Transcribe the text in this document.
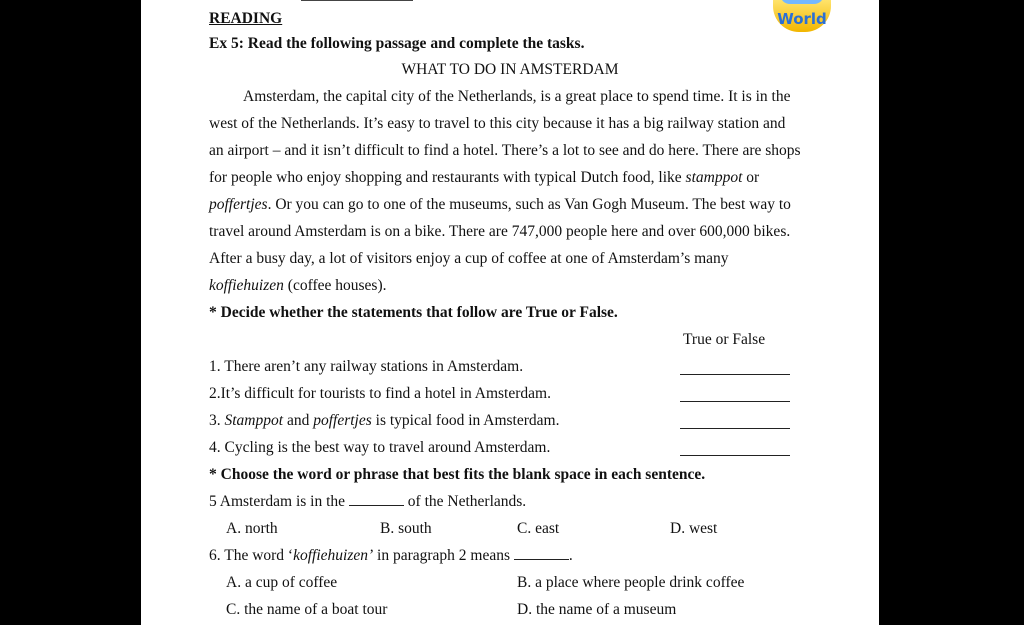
World
READING
Ex 5: Read the following passage and complete the tasks.
WHAT TO DO IN AMSTERDAM
Amsterdam, the capital city of the Netherlands, is a great place to spend time. It is in the
west of the Netherlands. It’s easy to travel to this city because it has a big railway station and
an airport – and it isn’t difficult to find a hotel. There’s a lot to see and do here. There are shops
for people who enjoy shopping and restaurants with typical Dutch food, like stamppot or
poffertjes. Or you can go to one of the museums, such as Van Gogh Museum. The best way to
travel around Amsterdam is on a bike. There are 747,000 people here and over 600,000 bikes.
After a busy day, a lot of visitors enjoy a cup of coffee at one of Amsterdam’s many
koffiehuizen (coffee houses).
* Decide whether the statements that follow are True or False.
True or False
1. There aren’t any railway stations in Amsterdam.
2.It’s difficult for tourists to find a hotel in Amsterdam.
3. Stamppot and poffertjes is typical food in Amsterdam.
4. Cycling is the best way to travel around Amsterdam.
* Choose the word or phrase that best fits the blank space in each sentence.
5 Amsterdam is in the	of the Netherlands.
A. north	B. south	C. east	D. west
6. The word ‘koffiehuizen’ in paragraph 2 means	.
A. a cup of coffee	B. a place where people drink coffee
C. the name of a boat tour	D. the name of a museum
